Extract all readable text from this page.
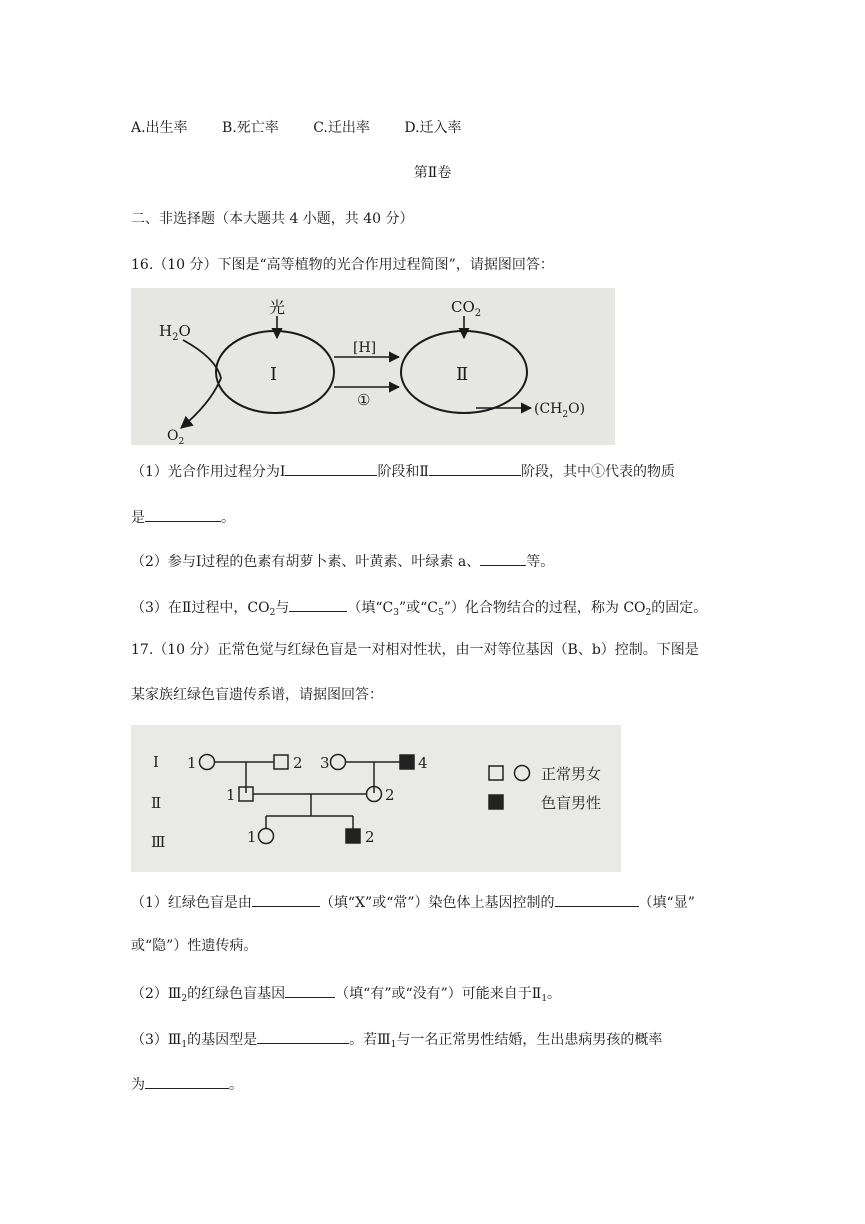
A.出生率 B.死亡率 C.迁出率 D.迁入率
第Ⅱ卷
二、非选择题（本大题共 4 小题，共 40 分）
16.（10 分）下图是“高等植物的光合作用过程简图”，请据图回答：
光	$CO_2$
$H_2O$
$O_2$
Ⅰ	Ⅱ
[H]
①	$(CH_2O)$
（1）光合作用过程分为Ⅰ	阶段和Ⅱ	阶段，其中①代表的物质
是	。
（2）参与Ⅰ过程的色素有胡萝卜素、叶黄素、叶绿素 a、	等。
（3）在Ⅱ过程中，$CO_2$与	（填“$C_3$”或“$C_5$”）化合物结合的过程，称为 $CO_2$的固定。
17.（10 分）正常色觉与红绿色盲是一对相对性状，由一对等位基因（B、b）控制。下图是
某家族红绿色盲遗传系谱，请据图回答：
Ⅰ
Ⅱ
Ⅲ
1	2 3	4
1	2
1	2
正常男女
色盲男性
（1）红绿色盲是由	（填“X”或“常”）染色体上基因控制的	（填“显”
或“隐”）性遗传病。
$(2)Ⅲ_2$的红绿色盲基因	（填“有”或“没有”）可能来自于$Ⅱ_1$。
$(3)Ⅲ_1$的基因型是	。若$Ⅲ_1$与一名正常男性结婚，生出患病男孩的概率
为	。
